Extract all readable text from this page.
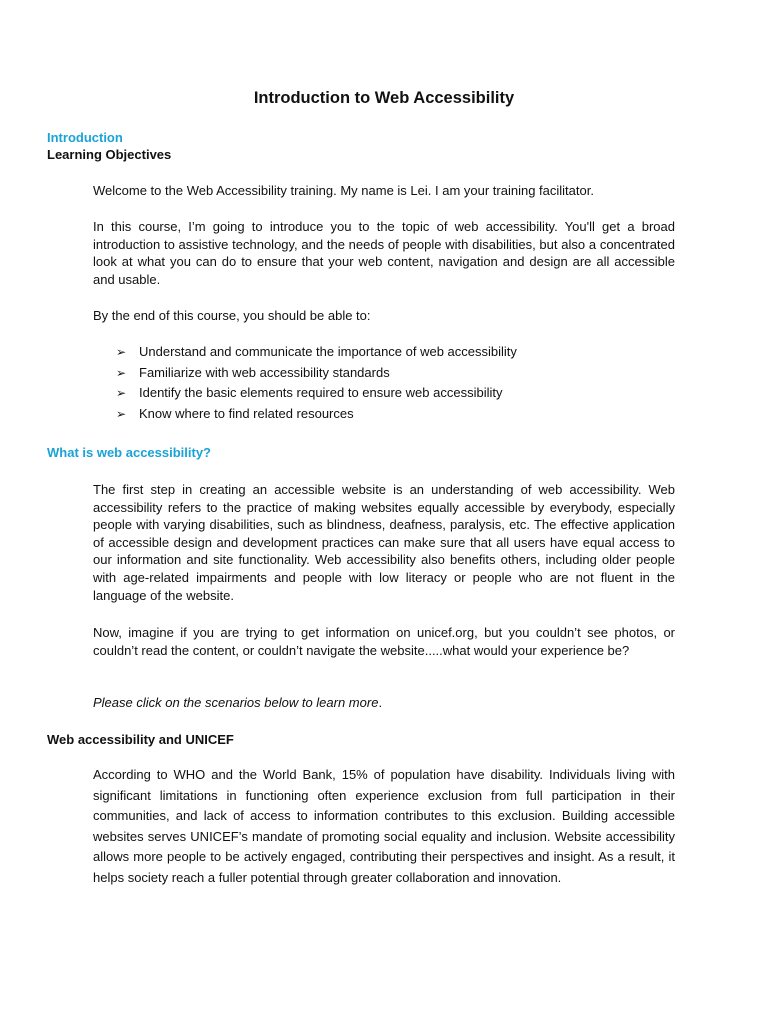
Introduction to Web Accessibility
Introduction
Learning Objectives

Welcome to the Web Accessibility training. My name is Lei. I am your training facilitator.

In this course, I’m going to introduce you to the topic of web accessibility. You'll get a broad introduction to assistive technology, and the needs of people with disabilities, but also a concentrated look at what you can do to ensure that your web content, navigation and design are all accessible and usable.

By the end of this course, you should be able to:

➢ Understand and communicate the importance of web accessibility
➢ Familiarize with web accessibility standards
➢ Identify the basic elements required to ensure web accessibility
➢ Know where to find related resources
What is web accessibility?

The first step in creating an accessible website is an understanding of web accessibility. Web accessibility refers to the practice of making websites equally accessible by everybody, especially people with varying disabilities, such as blindness, deafness, paralysis, etc. The effective application of accessible design and development practices can make sure that all users have equal access to our information and site functionality. Web accessibility also benefits others, including older people with age-related impairments and people with low literacy or people who are not fluent in the language of the website.

Now, imagine if you are trying to get information on unicef.org, but you couldn’t see photos, or couldn’t read the content, or couldn’t navigate the website.....what would your experience be?

Please click on the scenarios below to learn more.

Web accessibility and UNICEF

According to WHO and the World Bank, 15% of population have disability. Individuals living with significant limitations in functioning often experience exclusion from full participation in their communities, and lack of access to information contributes to this exclusion. Building accessible websites serves UNICEF’s mandate of promoting social equality and inclusion. Website accessibility allows more people to be actively engaged, contributing their perspectives and insight. As a result, it helps society reach a fuller potential through greater collaboration and innovation.
